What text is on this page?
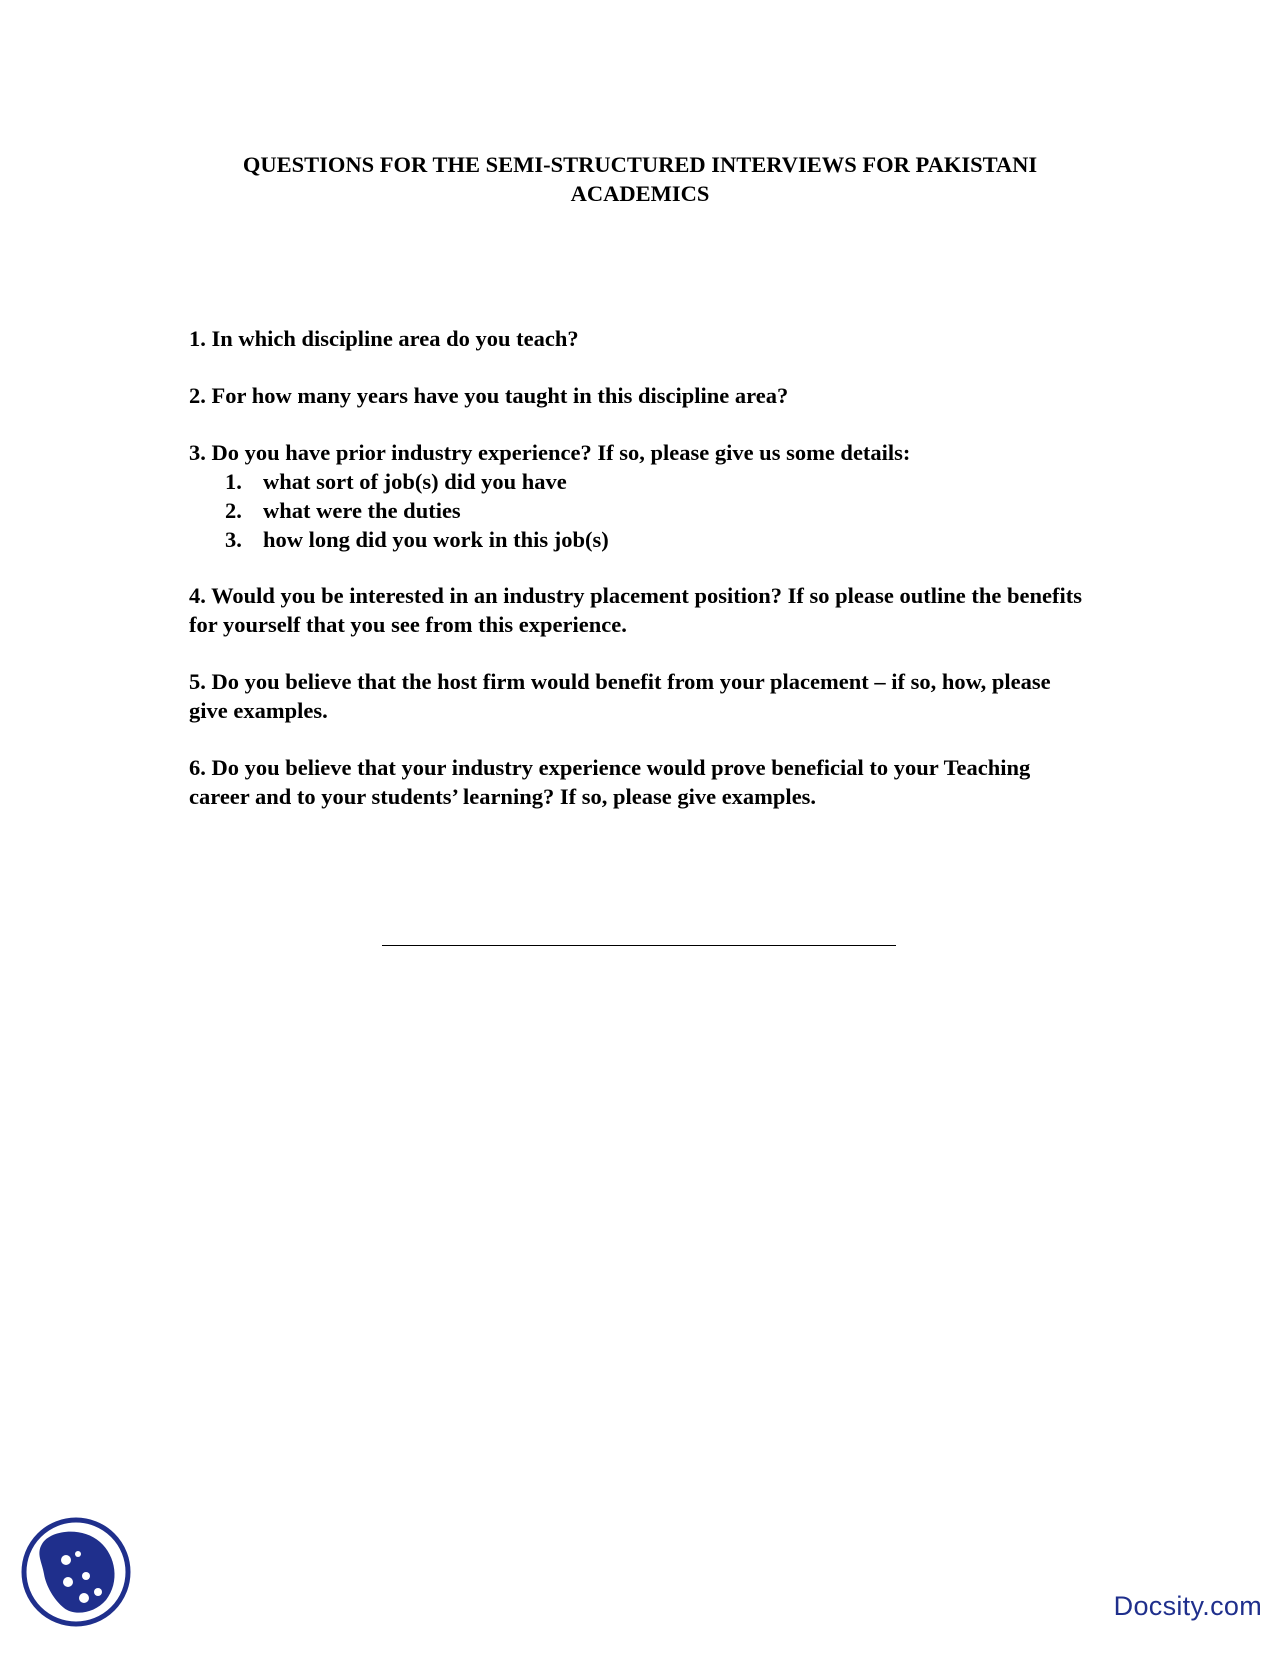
QUESTIONS FOR THE SEMI-STRUCTURED INTERVIEWS FOR PAKISTANI
ACADEMICS

1. In which discipline area do you teach?

2. For how many years have you taught in this discipline area?

3. Do you have prior industry experience? If so, please give us some details:

1. what sort of job(s) did you have
2. what were the duties
3. how long did you work in this job(s)

4. Would you be interested in an industry placement position? If so please outline the benefits for yourself that you see from this experience.

5. Do you believe that the host firm would benefit from your placement – if so, how, please give examples.

6. Do you believe that your industry experience would prove beneficial to your Teaching career and to your students’ learning? If so, please give examples.

Docsity.com
